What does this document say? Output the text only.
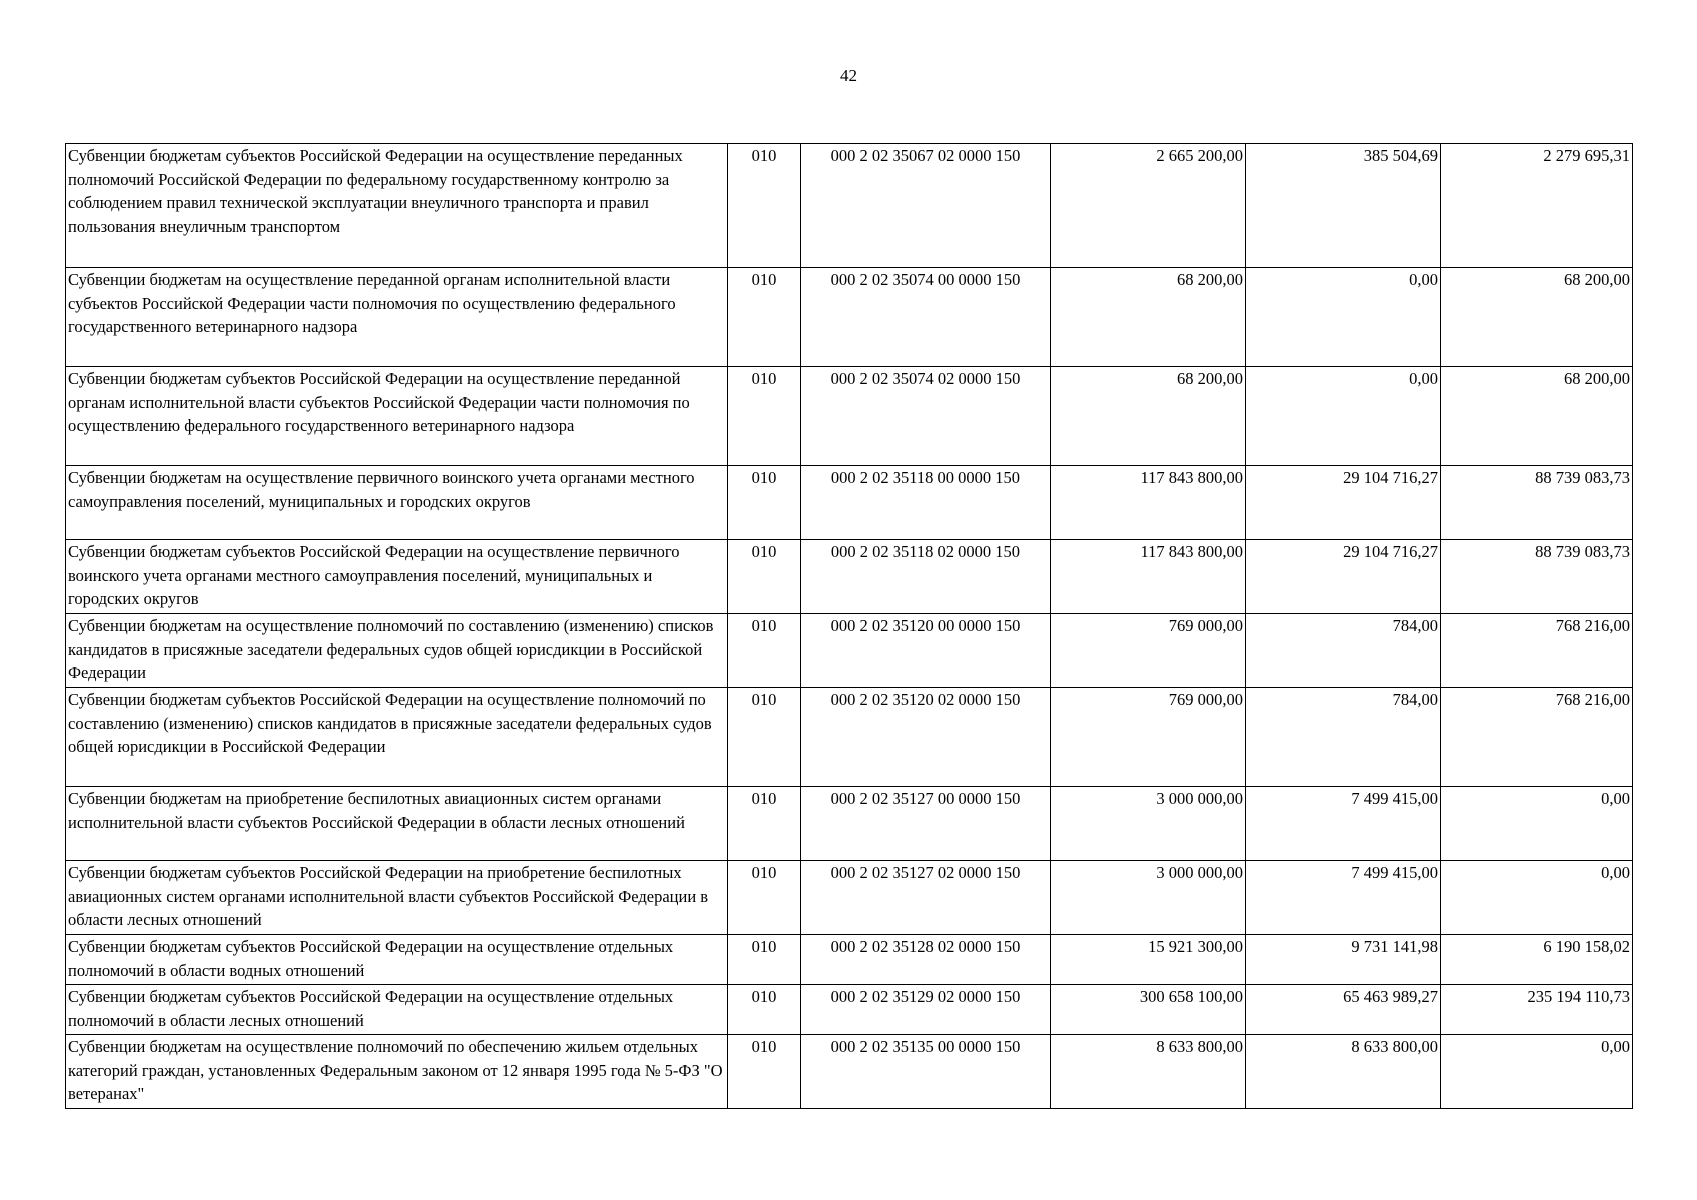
42
Субвенции бюджетам субъектов Российской Федерации на осуществление переданных полномочий Российской Федерации по федеральному государственному контролю за соблюдением правил технической эксплуатации внеуличного транспорта и правил пользования внеуличным транспортом	010	000 2 02 35067 02 0000 150	2 665 200,00	385 504,69	2 279 695,31
Субвенции бюджетам на осуществление переданной органам исполнительной власти субъектов Российской Федерации части полномочия по осуществлению федерального государственного ветеринарного надзора	010	000 2 02 35074 00 0000 150	68 200,00	0,00	68 200,00
Субвенции бюджетам субъектов Российской Федерации на осуществление переданной органам исполнительной власти субъектов Российской Федерации части полномочия по осуществлению федерального государственного ветеринарного надзора	010	000 2 02 35074 02 0000 150	68 200,00	0,00	68 200,00
Субвенции бюджетам на осуществление первичного воинского учета органами местного самоуправления поселений, муниципальных и городских округов	010	000 2 02 35118 00 0000 150	117 843 800,00	29 104 716,27	88 739 083,73
Субвенции бюджетам субъектов Российской Федерации на осуществление первичного воинского учета органами местного самоуправления поселений, муниципальных и городских округов	010	000 2 02 35118 02 0000 150	117 843 800,00	29 104 716,27	88 739 083,73
Субвенции бюджетам на осуществление полномочий по составлению (изменению) списков кандидатов в присяжные заседатели федеральных судов общей юрисдикции в Российской Федерации	010	000 2 02 35120 00 0000 150	769 000,00	784,00	768 216,00
Субвенции бюджетам субъектов Российской Федерации на осуществление полномочий по составлению (изменению) списков кандидатов в присяжные заседатели федеральных судов общей юрисдикции в Российской Федерации	010	000 2 02 35120 02 0000 150	769 000,00	784,00	768 216,00
Субвенции бюджетам на приобретение беспилотных авиационных систем органами исполнительной власти субъектов Российской Федерации в области лесных отношений	010	000 2 02 35127 00 0000 150	3 000 000,00	7 499 415,00	0,00
Субвенции бюджетам субъектов Российской Федерации на приобретение беспилотных авиационных систем органами исполнительной власти субъектов Российской Федерации в области лесных отношений	010	000 2 02 35127 02 0000 150	3 000 000,00	7 499 415,00	0,00
Субвенции бюджетам субъектов Российской Федерации на осуществление отдельных полномочий в области водных отношений	010	000 2 02 35128 02 0000 150	15 921 300,00	9 731 141,98	6 190 158,02
Субвенции бюджетам субъектов Российской Федерации на осуществление отдельных полномочий в области лесных отношений	010	000 2 02 35129 02 0000 150	300 658 100,00	65 463 989,27	235 194 110,73
Субвенции бюджетам на осуществление полномочий по обеспечению жильем отдельных категорий граждан, установленных Федеральным законом от 12 января 1995 года № 5-ФЗ "О ветеранах"	010	000 2 02 35135 00 0000 150	8 633 800,00	8 633 800,00	0,00
